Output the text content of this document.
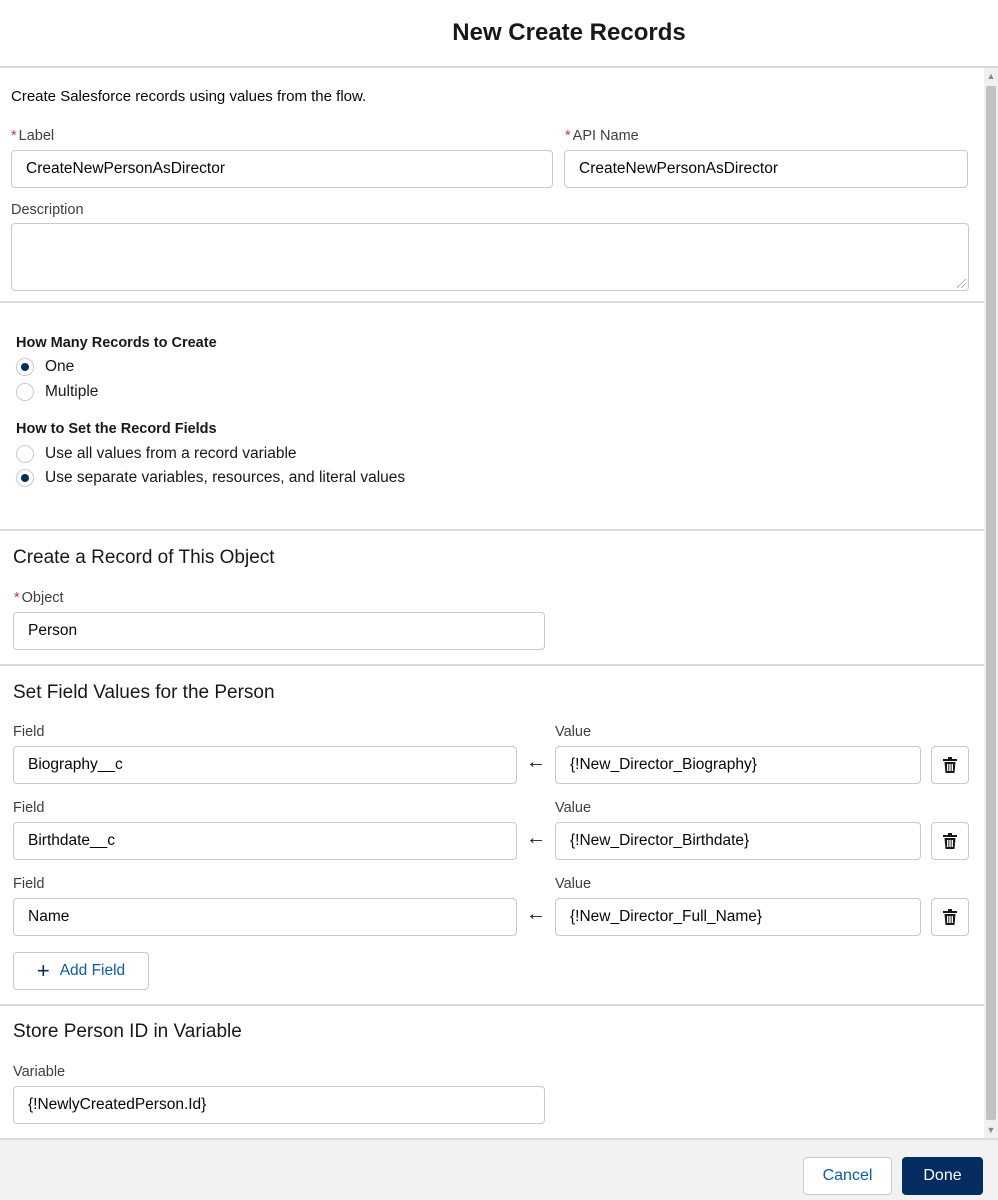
New Create Records

Create Salesforce records using values from the flow.

* Label
CreateNewPersonAsDirector
* API Name
CreateNewPersonAsDirector
Description
How Many Records to Create
One
Multiple
How to Set the Record Fields
Use all values from a record variable
Use separate variables, resources, and literal values
Create a Record of This Object
* Object
Person
Set Field Values for the Person
Field	Value
Biography__c	←	{!New_Director_Biography}
Field	Value
Birthdate__c	←	{!New_Director_Birthdate}
Field	Value
Name	←	{!New_Director_Full_Name}
+ Add Field
Store Person ID in Variable
Variable
{!NewlyCreatedPerson.Id}
▲
▼
Cancel	Done
